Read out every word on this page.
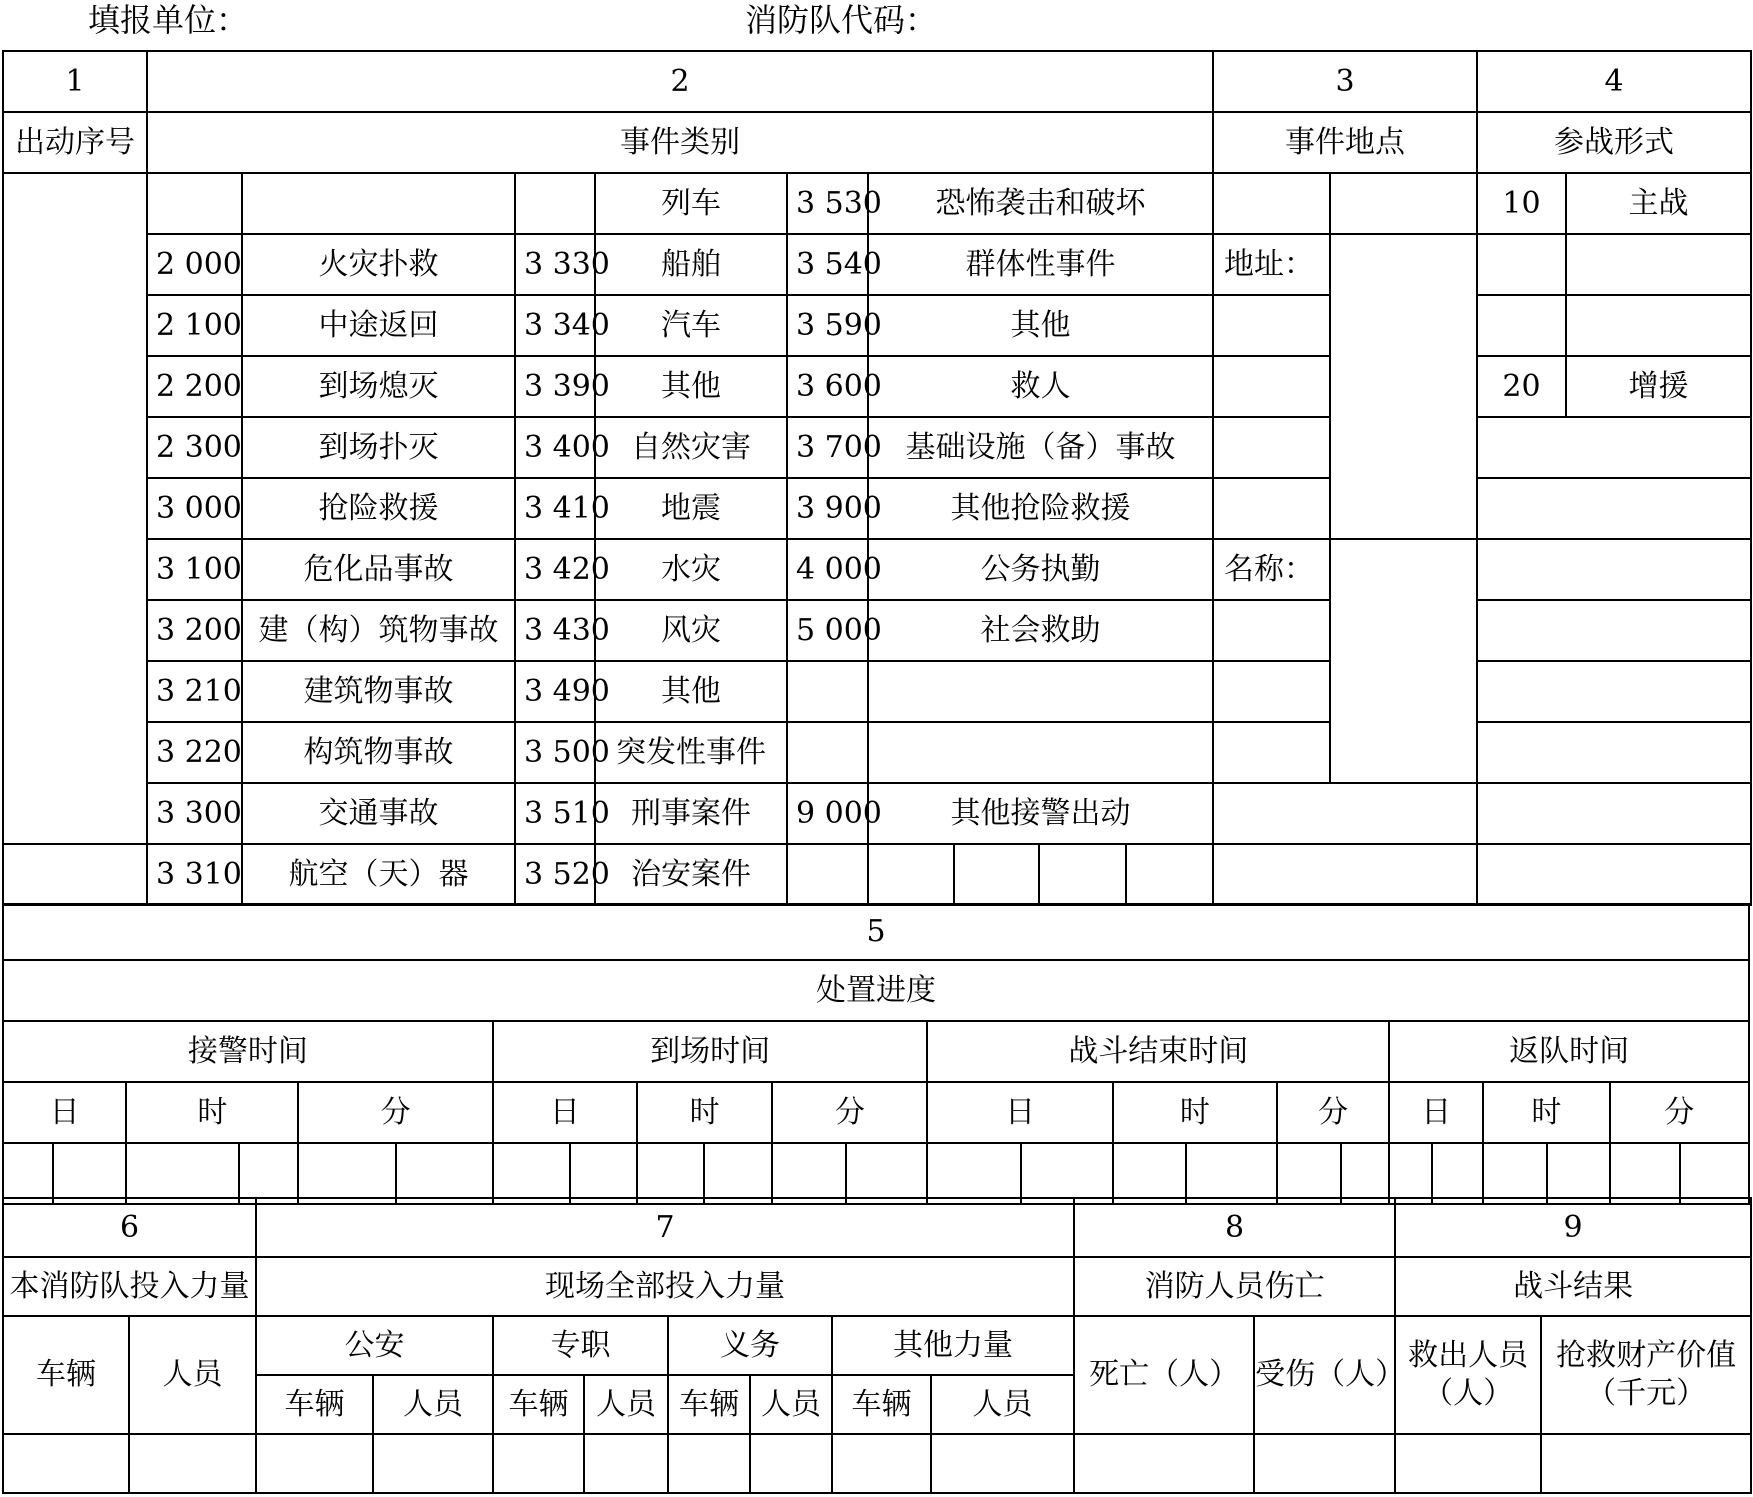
填报单位：	消防队代码：
1	2									3		4	
出动序号	事件类别									事件地点		参战形式	
				列车	3 530	恐怖袭击和破坏						10	主战
	2 000	火灾扑救	3 330	船舶	3 540	群体性事件				地址：			
	2 100	中途返回	3 340	汽车	3 590	其他							
	2 200	到场熄灭	3 390	其他	3 600	救人						20	增援
	2 300	到场扑灭	3 400	自然灾害	3 700	基础设施（备）事故							
	3 000	抢险救援	3 410	地震	3 900	其他抢险救援							
	3 100	危化品事故	3 420	水灾	4 000	公务执勤				名称：			
	3 200	建（构）筑物事故	3 430	风灾	5 000	社会救助							
	3 210	建筑物事故	3 490	其他									
	3 220	构筑物事故	3 500	突发性事件									
	3 300	交通事故	3 510	刑事案件	9 000	其他接警出动							
	3 310	航空（天）器	3 520	治安案件									
5																							
处置进度																							
接警时间						到场时间						战斗结束时间						返队时间					
日		时		分		日		时		分		日		时		分		日		时		分	

6		7								8		9	
本消防队投入力量		现场全部投入力量								消防人员伤亡		战斗结果	
车辆	人员	公安		专职		义务		其他力量		死亡（人）	受伤（人）	救出人员（人）	抢救财产价值（千元）
		车辆	人员	车辆	人员	车辆	人员	车辆	人员				
